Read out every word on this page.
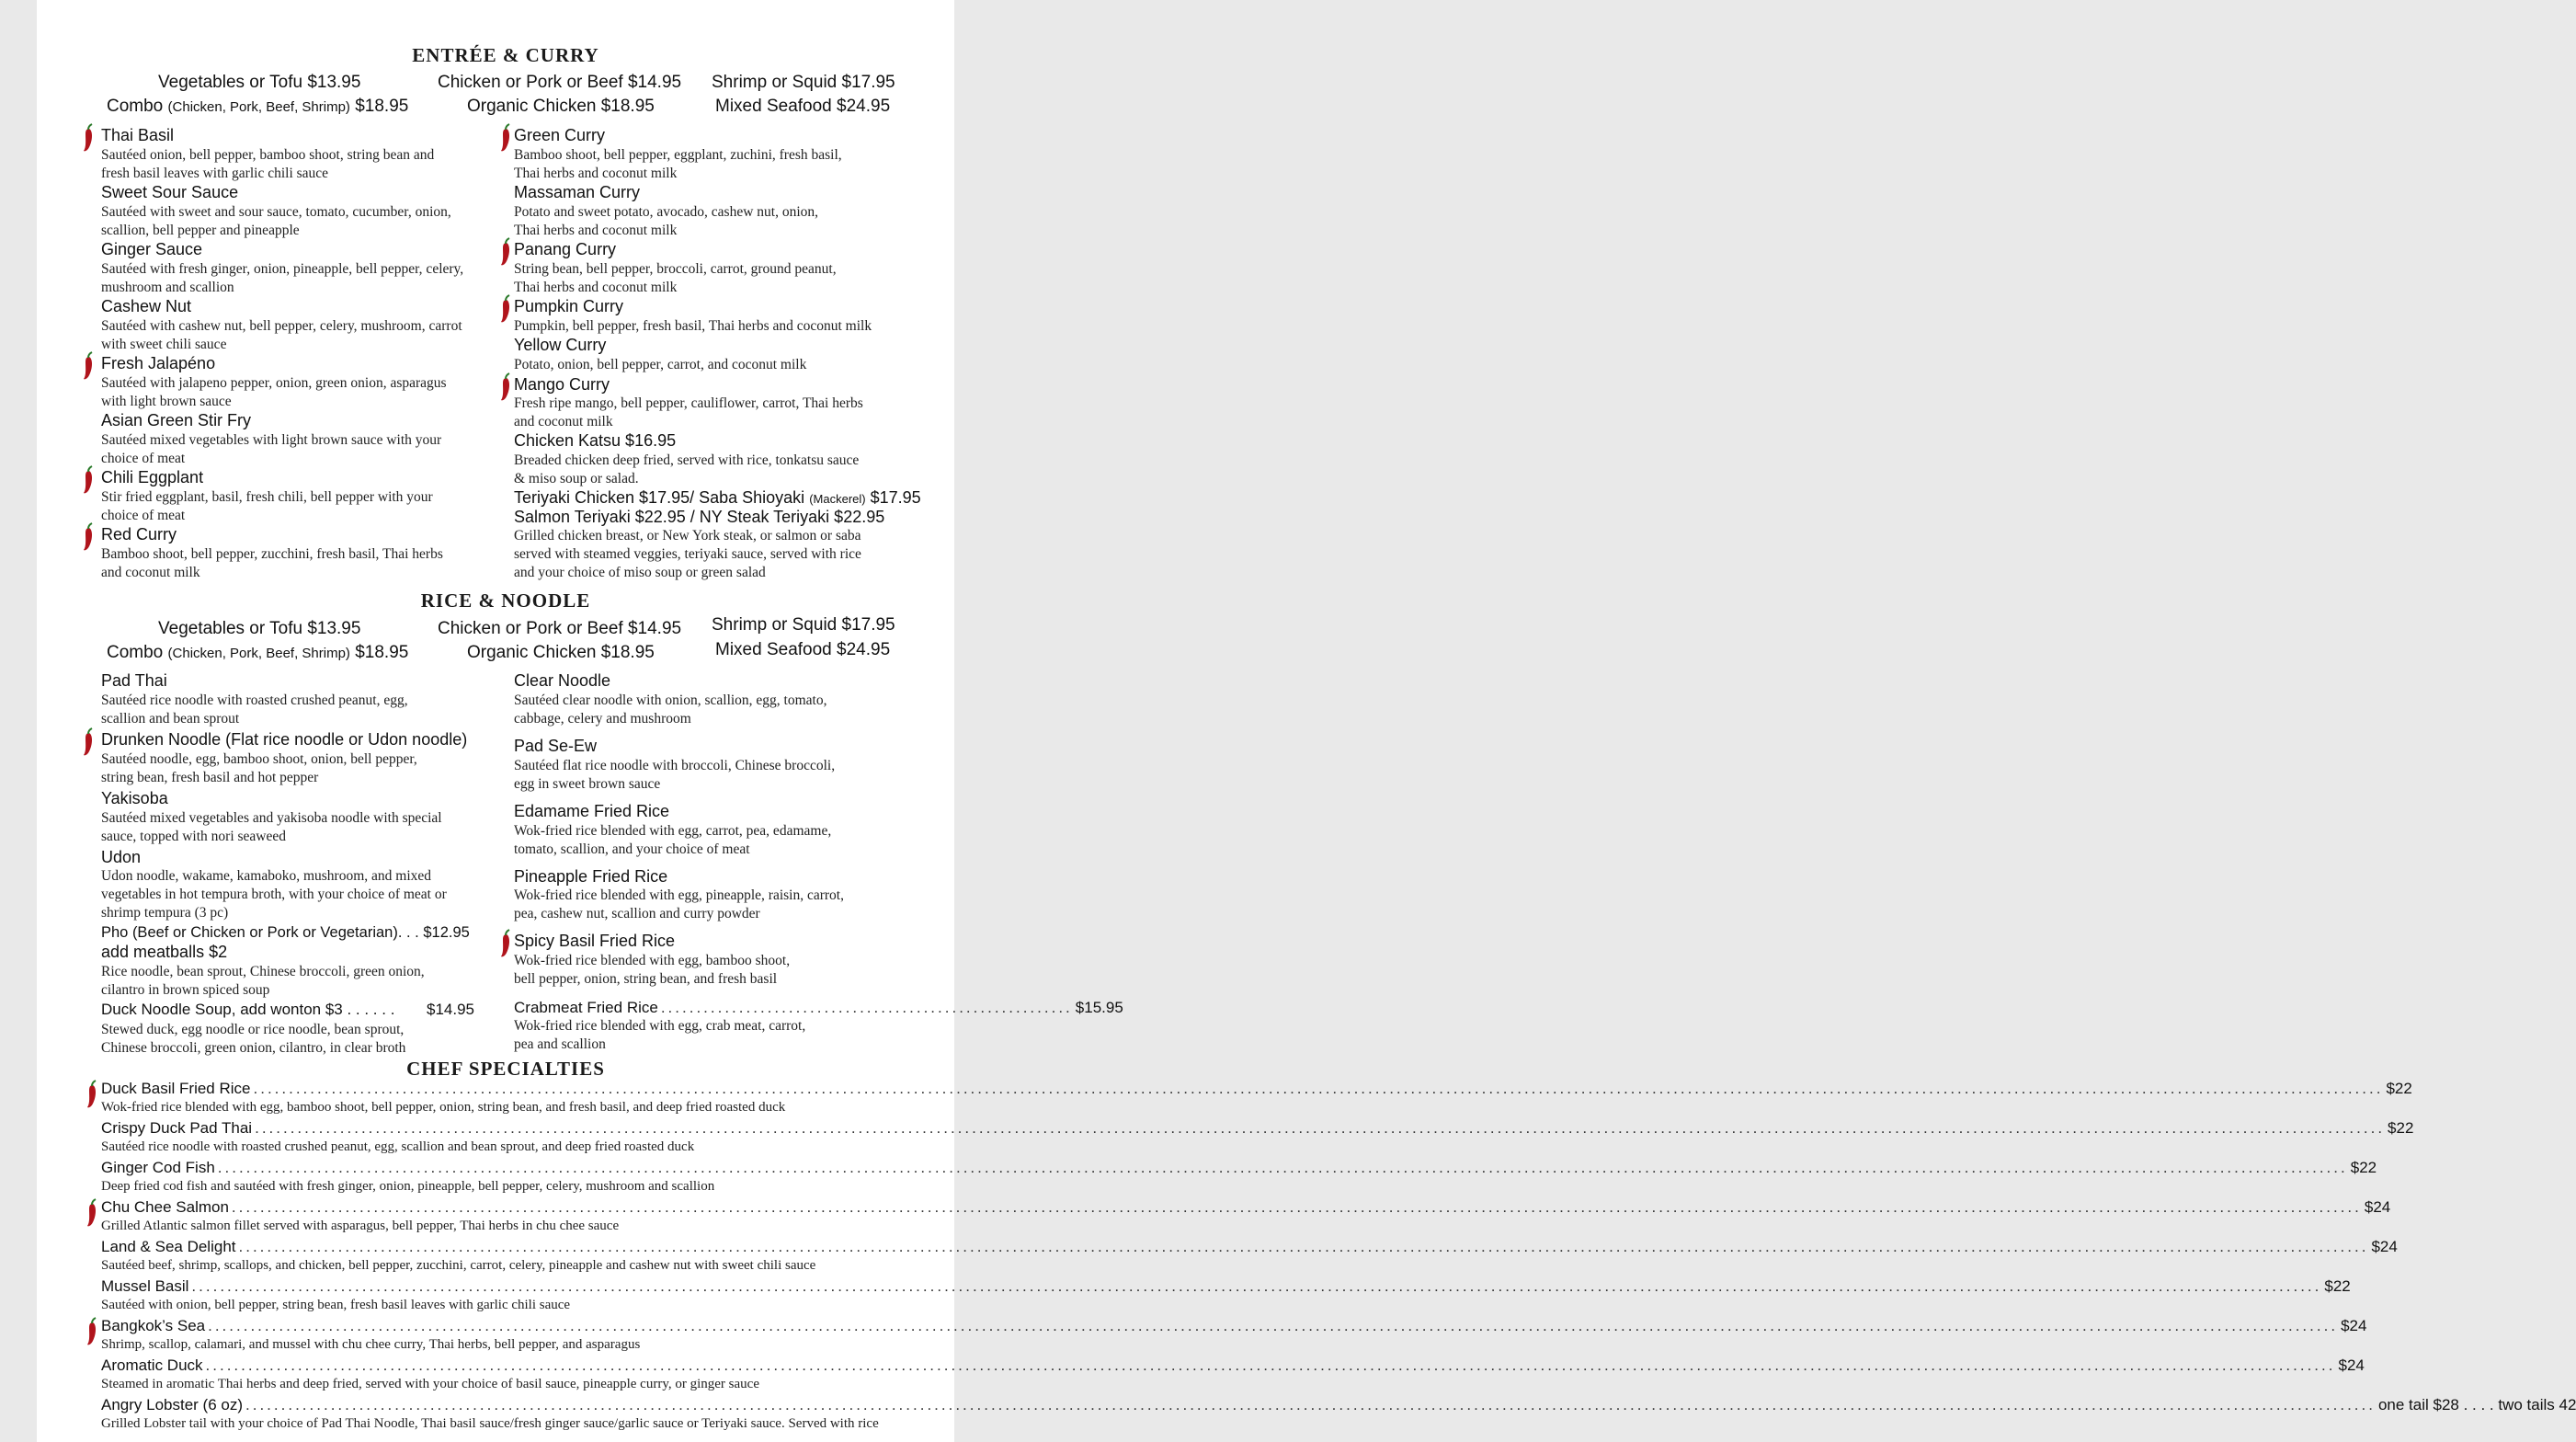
ENTRÉE & CURRY
Vegetables or Tofu $13.95	Chicken or Pork or Beef $14.95 Shrimp or Squid $17.95
Combo (Chicken, Pork, Beef, Shrimp) $18.95	Organic Chicken $18.95	Mixed Seafood $24.95
Thai Basil
Sautéed onion, bell pepper, bamboo shoot, string bean and
fresh basil leaves with garlic chili sauce
Sweet Sour Sauce
Sautéed with sweet and sour sauce, tomato, cucumber, onion,
scallion, bell pepper and pineapple
Ginger Sauce
Sautéed with fresh ginger, onion, pineapple, bell pepper, celery,
mushroom and scallion
Cashew Nut
Sautéed with cashew nut, bell pepper, celery, mushroom, carrot
with sweet chili sauce
Fresh Jalapéno
Sautéed with jalapeno pepper, onion, green onion, asparagus
with light brown sauce
Asian Green Stir Fry
Sautéed mixed vegetables with light brown sauce with your
choice of meat
Chili Eggplant
Stir fried eggplant, basil, fresh chili, bell pepper with your
choice of meat
Red Curry
Bamboo shoot, bell pepper, zucchini, fresh basil, Thai herbs
and coconut milk
Green Curry
Bamboo shoot, bell pepper, eggplant, zuchini, fresh basil,
Thai herbs and coconut milk
Massaman Curry
Potato and sweet potato, avocado, cashew nut, onion,
Thai herbs and coconut milk
Panang Curry
String bean, bell pepper, broccoli, carrot, ground peanut,
Thai herbs and coconut milk
Pumpkin Curry
Pumpkin, bell pepper, fresh basil, Thai herbs and coconut milk
Yellow Curry
Potato, onion, bell pepper, carrot, and coconut milk
Mango Curry
Fresh ripe mango, bell pepper, cauliflower, carrot, Thai herbs
and coconut milk
Chicken Katsu $16.95
Breaded chicken deep fried, served with rice, tonkatsu sauce
& miso soup or salad.
Teriyaki Chicken $17.95/ Saba Shioyaki (Mackerel) $17.95
Salmon Teriyaki $22.95 / NY Steak Teriyaki $22.95
Grilled chicken breast, or New York steak, or salmon or saba
served with steamed veggies, teriyaki sauce, served with rice
and your choice of miso soup or green salad
RICE & NOODLE
Vegetables or Tofu $13.95	Chicken or Pork or Beef $14.95 Shrimp or Squid $17.95
Combo (Chicken, Pork, Beef, Shrimp) $18.95	Organic Chicken $18.95	Mixed Seafood $24.95
Pad Thai
Sautéed rice noodle with roasted crushed peanut, egg,
scallion and bean sprout
Drunken Noodle (Flat rice noodle or Udon noodle)
Sautéed noodle, egg, bamboo shoot, onion, bell pepper,
string bean, fresh basil and hot pepper
Yakisoba
Sautéed mixed vegetables and yakisoba noodle with special
sauce, topped with nori seaweed
Udon
Udon noodle, wakame, kamaboko, mushroom, and mixed
vegetables in hot tempura broth, with your choice of meat or
shrimp tempura (3 pc)
Pho (Beef or Chicken or Pork or Vegetarian). . . $12.95
add meatballs $2
Rice noodle, bean sprout, Chinese broccoli, green onion,
cilantro in brown spiced soup
Duck Noodle Soup, add wonton $3 . . . . . . $14.95
Stewed duck, egg noodle or rice noodle, bean sprout,
Chinese broccoli, green onion, cilantro, in clear broth
Clear Noodle
Sautéed clear noodle with onion, scallion, egg, tomato,
cabbage, celery and mushroom
Pad Se-Ew
Sautéed flat rice noodle with broccoli, Chinese broccoli,
egg in sweet brown sauce
Edamame Fried Rice
Wok-fried rice blended with egg, carrot, pea, edamame,
tomato, scallion, and your choice of meat
Pineapple Fried Rice
Wok-fried rice blended with egg, pineapple, raisin, carrot,
pea, cashew nut, scallion and curry powder
Spicy Basil Fried Rice
Wok-fried rice blended with egg, bamboo shoot,
bell pepper, onion, string bean, and fresh basil
Crabmeat Fried Rice .......................................................... $15.95
Wok-fried rice blended with egg, crab meat, carrot,
pea and scallion
CHEF SPECIALTIES
Duck Basil Fried Rice ............................................................................................................................................................................................................................................................................................................ $22
Wok-fried rice blended with egg, bamboo shoot, bell pepper, onion, string bean, and fresh basil, and deep fried roasted duck
Crispy Duck Pad Thai ............................................................................................................................................................................................................................................................................................................ $22
Sautéed rice noodle with roasted crushed peanut, egg, scallion and bean sprout, and deep fried roasted duck
Ginger Cod Fish ............................................................................................................................................................................................................................................................................................................ $22
Deep fried cod fish and sautéed with fresh ginger, onion, pineapple, bell pepper, celery, mushroom and scallion
Chu Chee Salmon ............................................................................................................................................................................................................................................................................................................ $24
Grilled Atlantic salmon fillet served with asparagus, bell pepper, Thai herbs in chu chee sauce
Land & Sea Delight ............................................................................................................................................................................................................................................................................................................ $24
Sautéed beef, shrimp, scallops, and chicken, bell pepper, zucchini, carrot, celery, pineapple and cashew nut with sweet chili sauce
Mussel Basil ............................................................................................................................................................................................................................................................................................................ $22
Sautéed with onion, bell pepper, string bean, fresh basil leaves with garlic chili sauce
Bangkok’s Sea ............................................................................................................................................................................................................................................................................................................ $24
Shrimp, scallop, calamari, and mussel with chu chee curry, Thai herbs, bell pepper, and asparagus
Aromatic Duck ............................................................................................................................................................................................................................................................................................................ $24
Steamed in aromatic Thai herbs and deep fried, served with your choice of basil sauce, pineapple curry, or ginger sauce
Angry Lobster (6 oz) ............................................................................................................................................................................................................................................................................................................ one tail $28 . . . . two tails 42
Grilled Lobster tail with your choice of Pad Thai Noodle, Thai basil sauce/fresh ginger sauce/garlic sauce or Teriyaki sauce. Served with rice
